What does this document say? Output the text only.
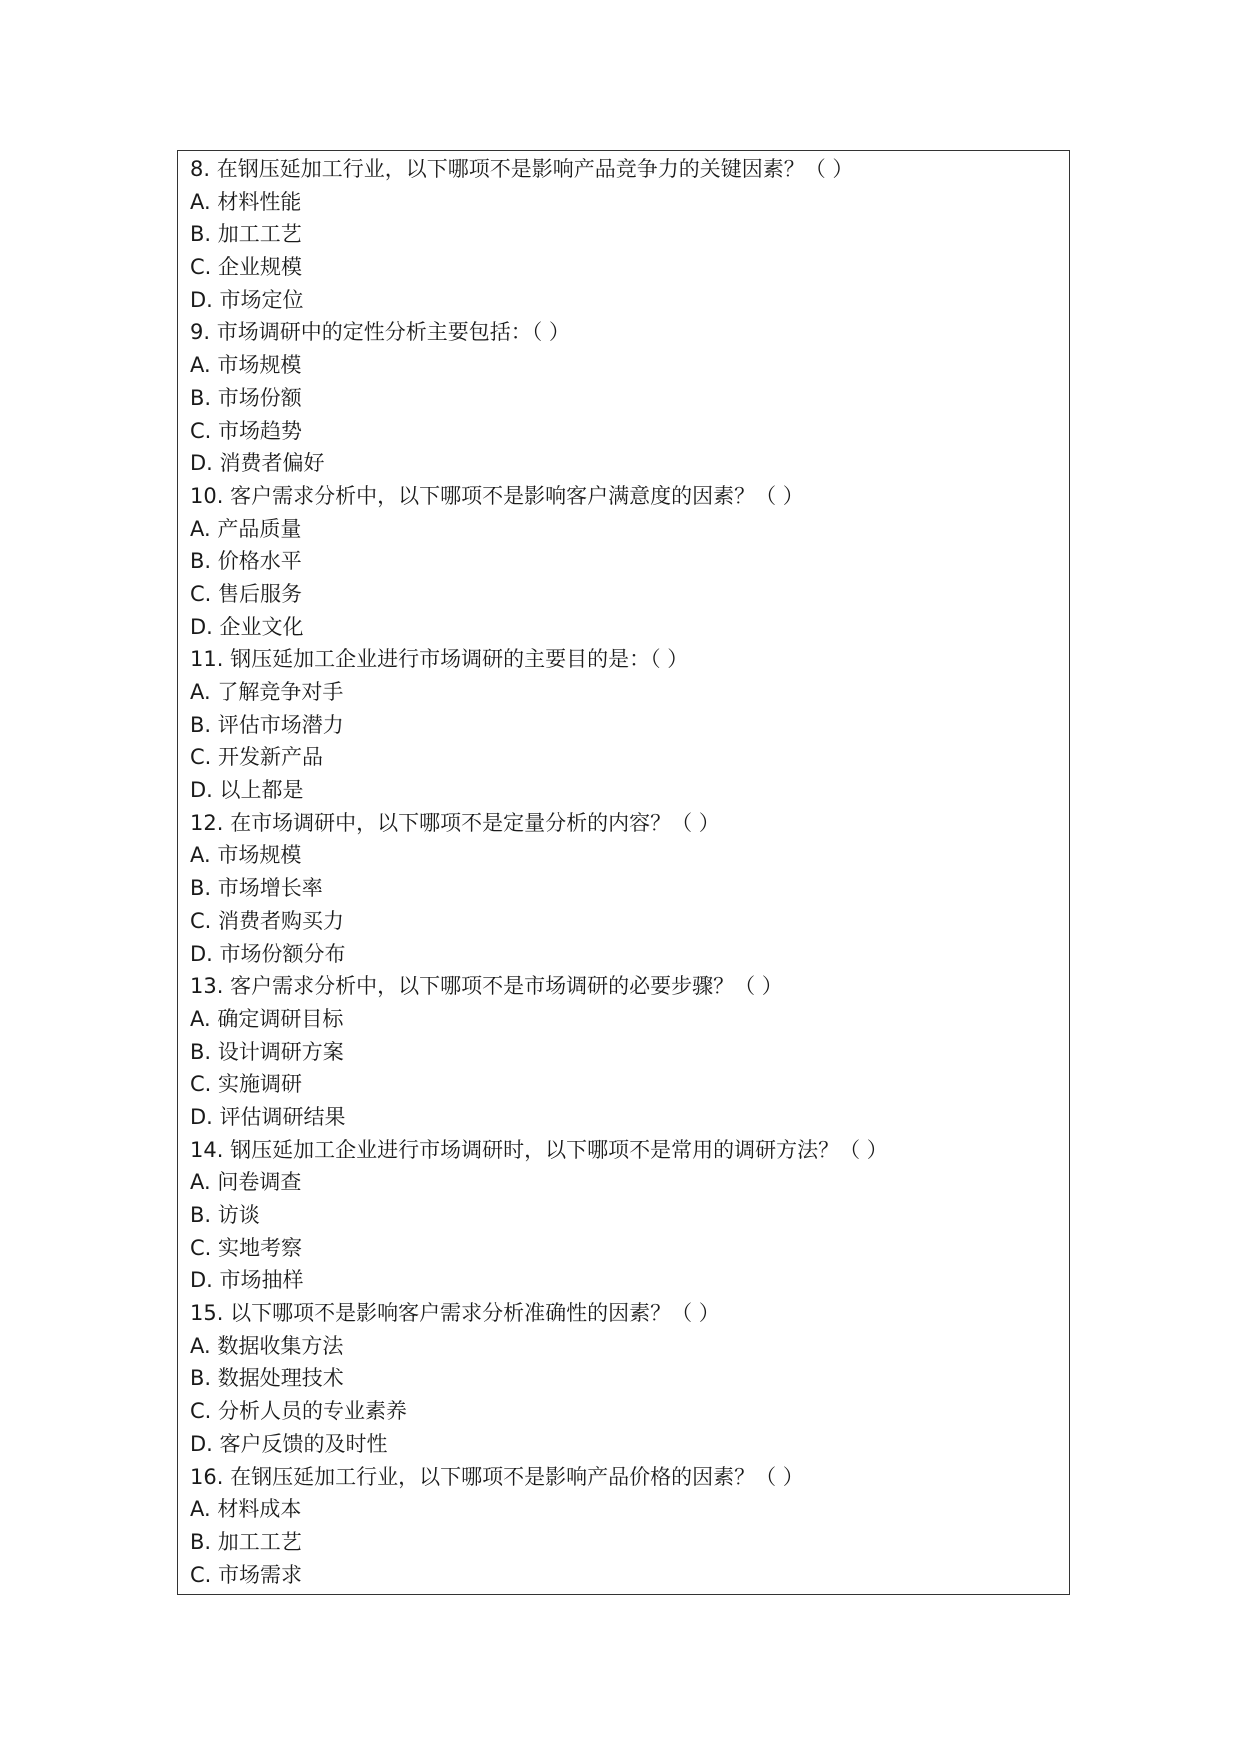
8. 在钢压延加工行业，以下哪项不是影响产品竞争力的关键因素？（ ）
A. 材料性能
B. 加工工艺
C. 企业规模
D. 市场定位
9. 市场调研中的定性分析主要包括：（ ）
A. 市场规模
B. 市场份额
C. 市场趋势
D. 消费者偏好
10. 客户需求分析中，以下哪项不是影响客户满意度的因素？（ ）
A. 产品质量
B. 价格水平
C. 售后服务
D. 企业文化
11. 钢压延加工企业进行市场调研的主要目的是：（ ）
A. 了解竞争对手
B. 评估市场潜力
C. 开发新产品
D. 以上都是
12. 在市场调研中，以下哪项不是定量分析的内容？（ ）
A. 市场规模
B. 市场增长率
C. 消费者购买力
D. 市场份额分布
13. 客户需求分析中，以下哪项不是市场调研的必要步骤？（ ）
A. 确定调研目标
B. 设计调研方案
C. 实施调研
D. 评估调研结果
14. 钢压延加工企业进行市场调研时，以下哪项不是常用的调研方法？（ ）
A. 问卷调查
B. 访谈
C. 实地考察
D. 市场抽样
15. 以下哪项不是影响客户需求分析准确性的因素？（ ）
A. 数据收集方法
B. 数据处理技术
C. 分析人员的专业素养
D. 客户反馈的及时性
16. 在钢压延加工行业，以下哪项不是影响产品价格的因素？（ ）
A. 材料成本
B. 加工工艺
C. 市场需求
